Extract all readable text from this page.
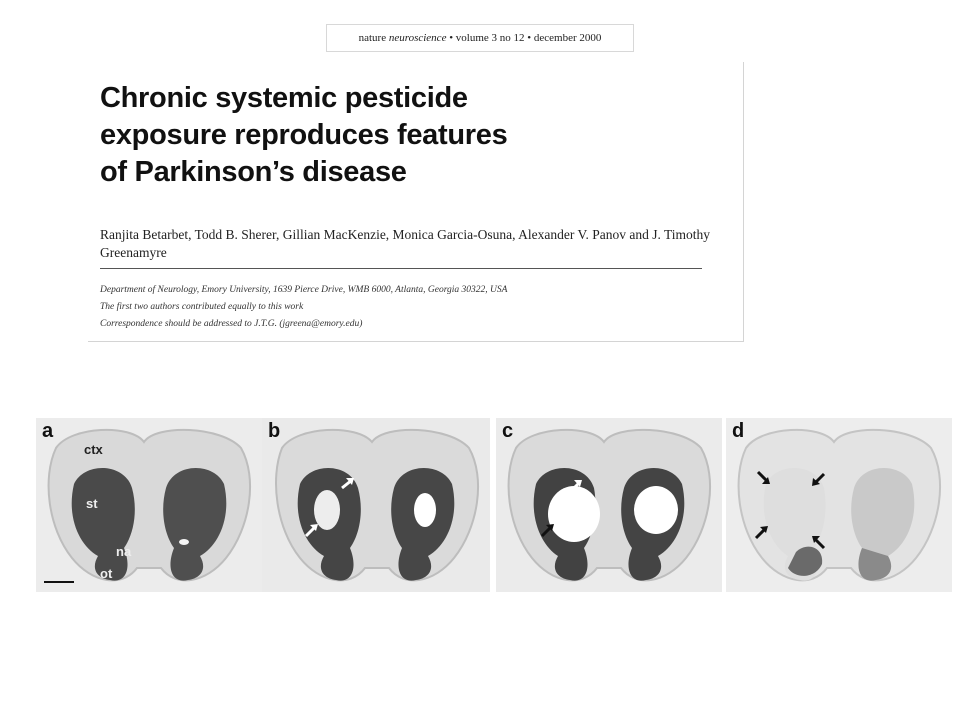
nature neuroscience • volume 3 no 12 • december 2000
Chronic systemic pesticide
exposure reproduces features
of Parkinson’s disease
Ranjita Betarbet, Todd B. Sherer, Gillian MacKenzie, Monica Garcia-Osuna, Alexander V. Panov and J. Timothy Greenamyre
Department of Neurology, Emory University, 1639 Pierce Drive, WMB 6000, Atlanta, Georgia 30322, USA
The first two authors contributed equally to this work
Correspondence should be addressed to J.T.G. (jgreena@emory.edu)
a
ctx
st
na
ot
b	c	d
